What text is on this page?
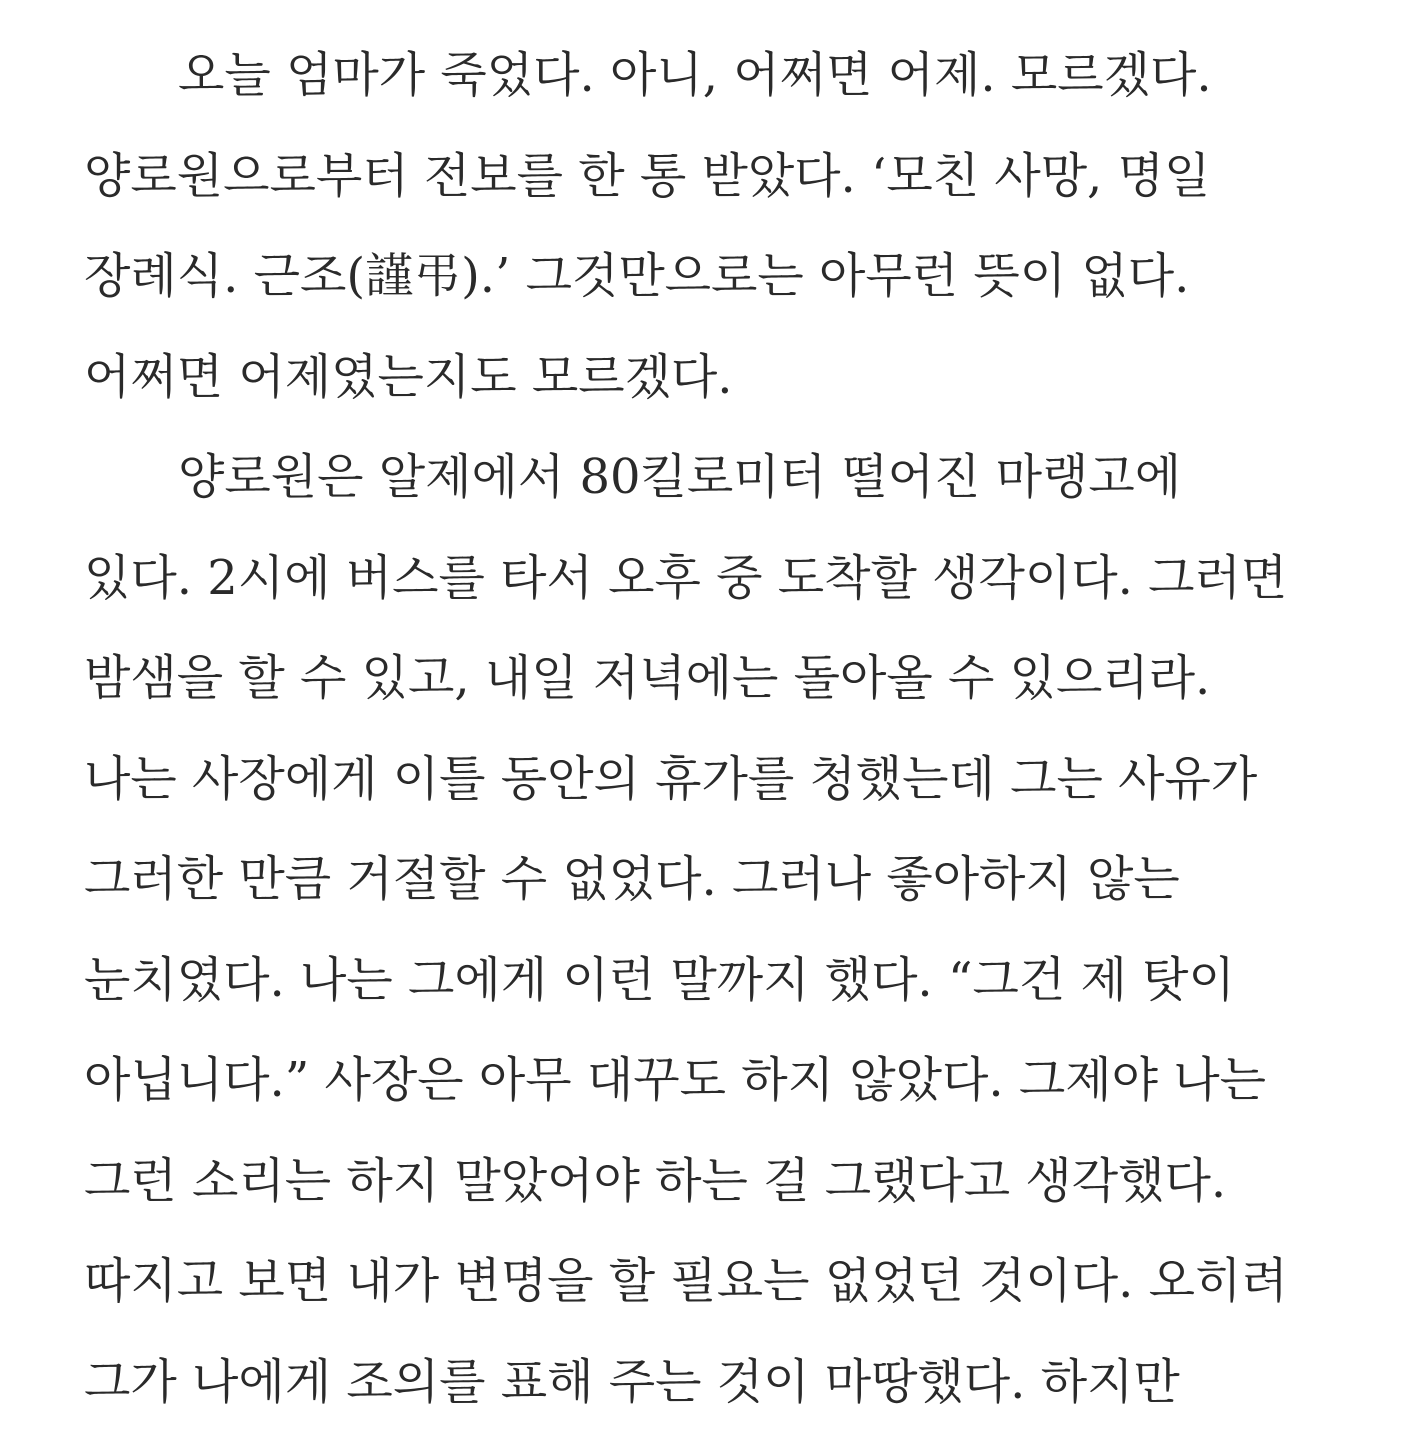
오늘 엄마가 죽었다. 아니, 어쩌면 어제. 모르겠다.
양로원으로부터 전보를 한 통 받았다. ‘모친 사망, 명일
장례식. 근조(謹弔).’ 그것만으로는 아무런 뜻이 없다.
어쩌면 어제였는지도 모르겠다.
양로원은 알제에서 80킬로미터 떨어진 마랭고에
있다. 2시에 버스를 타서 오후 중 도착할 생각이다. 그러면
밤샘을 할 수 있고, 내일 저녁에는 돌아올 수 있으리라.
나는 사장에게 이틀 동안의 휴가를 청했는데 그는 사유가
그러한 만큼 거절할 수 없었다. 그러나 좋아하지 않는
눈치였다. 나는 그에게 이런 말까지 했다. “그건 제 탓이
아닙니다.” 사장은 아무 대꾸도 하지 않았다. 그제야 나는
그런 소리는 하지 말았어야 하는 걸 그랬다고 생각했다.
따지고 보면 내가 변명을 할 필요는 없었던 것이다. 오히려
그가 나에게 조의를 표해 주는 것이 마땅했다. 하지만
